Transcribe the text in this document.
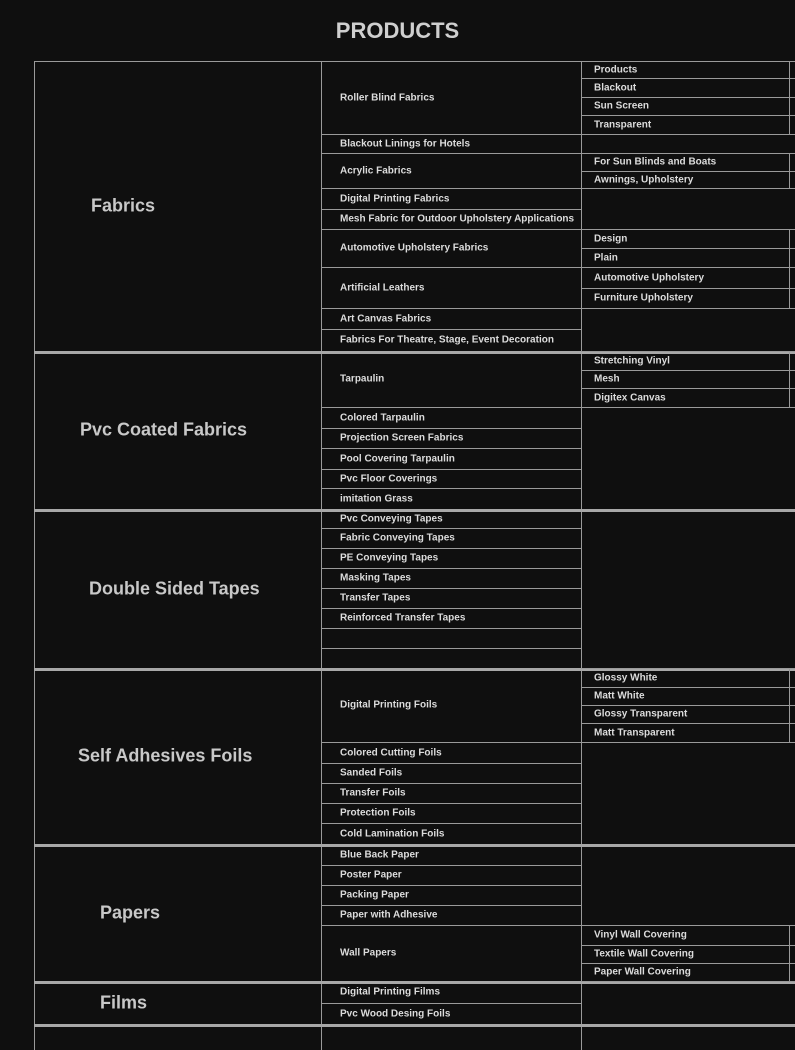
PRODUCTS
Fabrics
Roller Blind Fabrics
Products
Blackout
Sun Screen
Transparent
Blackout Linings for Hotels
Acrylic Fabrics
For Sun Blinds and Boats
Awnings, Upholstery
Digital Printing Fabrics
Mesh Fabric for Outdoor Upholstery Applications
Automotive Upholstery Fabrics
Design
Plain
Artificial Leathers
Automotive Upholstery
Furniture Upholstery
Art Canvas Fabrics
Fabrics For Theatre, Stage, Event Decoration
Pvc Coated Fabrics
Tarpaulin
Stretching Vinyl
Mesh
Digitex Canvas
Colored Tarpaulin
Projection Screen Fabrics
Pool Covering Tarpaulin
Pvc Floor Coverings
imitation Grass
Double Sided Tapes
Pvc Conveying Tapes
Fabric Conveying Tapes
PE Conveying Tapes
Masking Tapes
Transfer Tapes
Reinforced Transfer Tapes
Self Adhesives Foils
Digital Printing Foils
Glossy White
Matt White
Glossy Transparent
Matt Transparent
Colored Cutting Foils
Sanded Foils
Transfer Foils
Protection Foils
Cold Lamination Foils
Papers
Blue Back Paper
Poster Paper
Packing Paper
Paper with Adhesive
Wall Papers
Vinyl Wall Covering
Textile Wall Covering
Paper Wall Covering
Films	Digital Printing Films
Pvc Wood Desing Foils
